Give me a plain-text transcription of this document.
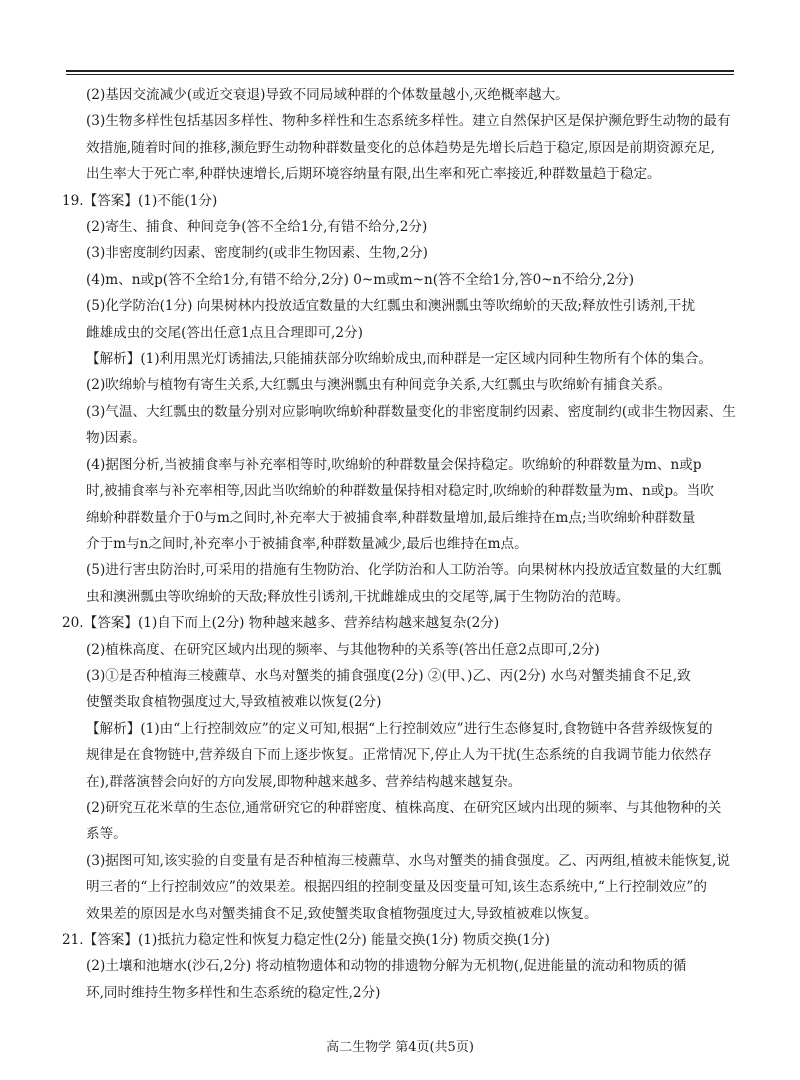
(2)基因交流减少(或近交衰退)导致不同局域种群的个体数量越小,灭绝概率越大。

(3)生物多样性包括基因多样性、物种多样性和生态系统多样性。建立自然保护区是保护濒危野生动物的最有

效措施,随着时间的推移,濒危野生动物种群数量变化的总体趋势是先增长后趋于稳定,原因是前期资源充足,

出生率大于死亡率,种群快速增长,后期环境容纳量有限,出生率和死亡率接近,种群数量趋于稳定。

19.【答案】(1)不能(1分)

(2)寄生、捕食、种间竞争(答不全给1分,有错不给分,2分)

(3)非密度制约因素、密度制约(或非生物因素、生物,2分)

(4)m、n或p(答不全给1分,有错不给分,2分) 0~m或m~n(答不全给1分,答0~n不给分,2分)

(5)化学防治(1分) 向果树林内投放适宜数量的大红瓢虫和澳洲瓢虫等吹绵蚧的天敌;释放性引诱剂,干扰

雌雄成虫的交尾(答出任意1点且合理即可,2分)

【解析】(1)利用黑光灯诱捕法,只能捕获部分吹绵蚧成虫,而种群是一定区域内同种生物所有个体的集合。

(2)吹绵蚧与植物有寄生关系,大红瓢虫与澳洲瓢虫有种间竞争关系,大红瓢虫与吹绵蚧有捕食关系。

(3)气温、大红瓢虫的数量分别对应影响吹绵蚧种群数量变化的非密度制约因素、密度制约(或非生物因素、生

物)因素。

(4)据图分析,当被捕食率与补充率相等时,吹绵蚧的种群数量会保持稳定。吹绵蚧的种群数量为m、n或p

时,被捕食率与补充率相等,因此当吹绵蚧的种群数量保持相对稳定时,吹绵蚧的种群数量为m、n或p。当吹

绵蚧种群数量介于0与m之间时,补充率大于被捕食率,种群数量增加,最后维持在m点;当吹绵蚧种群数量

介于m与n之间时,补充率小于被捕食率,种群数量减少,最后也维持在m点。

(5)进行害虫防治时,可采用的措施有生物防治、化学防治和人工防治等。向果树林内投放适宜数量的大红瓢

虫和澳洲瓢虫等吹绵蚧的天敌;释放性引诱剂,干扰雌雄成虫的交尾等,属于生物防治的范畴。

20.【答案】(1)自下而上(2分) 物种越来越多、营养结构越来越复杂(2分)

(2)植株高度、在研究区域内出现的频率、与其他物种的关系等(答出任意2点即可,2分)

(3)①是否种植海三棱藨草、水鸟对蟹类的捕食强度(2分) ②(甲、)乙、丙(2分) 水鸟对蟹类捕食不足,致

使蟹类取食植物强度过大,导致植被难以恢复(2分)

【解析】(1)由“上行控制效应”的定义可知,根据“上行控制效应”进行生态修复时,食物链中各营养级恢复的

规律是在食物链中,营养级自下而上逐步恢复。正常情况下,停止人为干扰(生态系统的自我调节能力依然存

在),群落演替会向好的方向发展,即物种越来越多、营养结构越来越复杂。

(2)研究互花米草的生态位,通常研究它的种群密度、植株高度、在研究区域内出现的频率、与其他物种的关

系等。

(3)据图可知,该实验的自变量有是否种植海三棱藨草、水鸟对蟹类的捕食强度。乙、丙两组,植被未能恢复,说

明三者的“上行控制效应”的效果差。根据四组的控制变量及因变量可知,该生态系统中,“上行控制效应”的

效果差的原因是水鸟对蟹类捕食不足,致使蟹类取食植物强度过大,导致植被难以恢复。

21.【答案】(1)抵抗力稳定性和恢复力稳定性(2分) 能量交换(1分) 物质交换(1分)

(2)土壤和池塘水(沙石,2分) 将动植物遗体和动物的排遗物分解为无机物(,促进能量的流动和物质的循

环,同时维持生物多样性和生态系统的稳定性,2分)

高二生物学 第4页(共5页)
